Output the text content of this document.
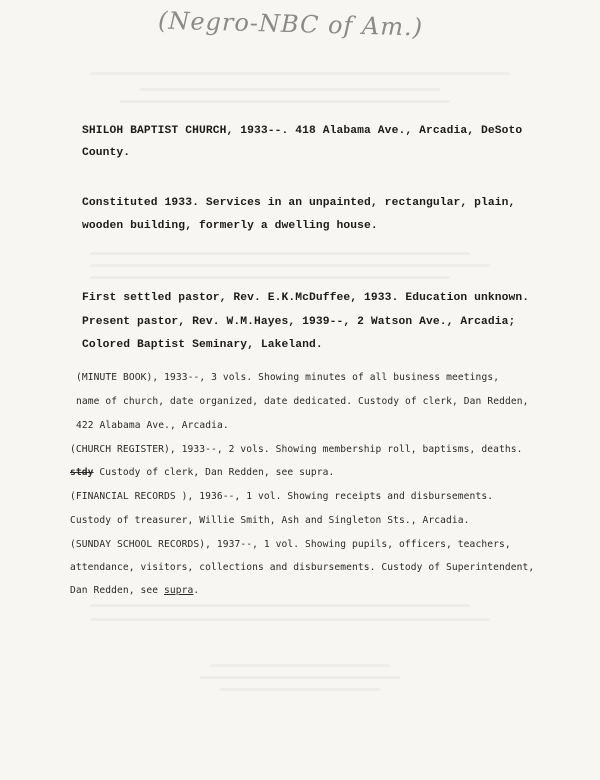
(Negro-NBC of Am.)
SHILOH BAPTIST CHURCH, 1933--. 418 Alabama Ave., Arcadia, DeSoto
County.
Constituted 1933. Services in an unpainted, rectangular, plain,
wooden building, formerly a dwelling house.
First settled pastor, Rev. E.K.McDuffee, 1933. Education unknown.
Present pastor, Rev. W.M.Hayes, 1939--, 2 Watson Ave., Arcadia;
Colored Baptist Seminary, Lakeland.
(MINUTE BOOK), 1933--, 3 vols. Showing minutes of all business meetings,
name of church, date organized, date dedicated. Custody of clerk, Dan Redden,
422 Alabama Ave., Arcadia.
(CHURCH REGISTER), 1933--, 2 vols. Showing membership roll, baptisms, deaths.
stdy Custody of clerk, Dan Redden, see supra.
(FINANCIAL RECORDS ), 1936--, 1 vol. Showing receipts and disbursements.
Custody of treasurer, Willie Smith, Ash and Singleton Sts., Arcadia.
(SUNDAY SCHOOL RECORDS), 1937--, 1 vol. Showing pupils, officers, teachers,
attendance, visitors, collections and disbursements. Custody of Superintendent,
Dan Redden, see supra.
